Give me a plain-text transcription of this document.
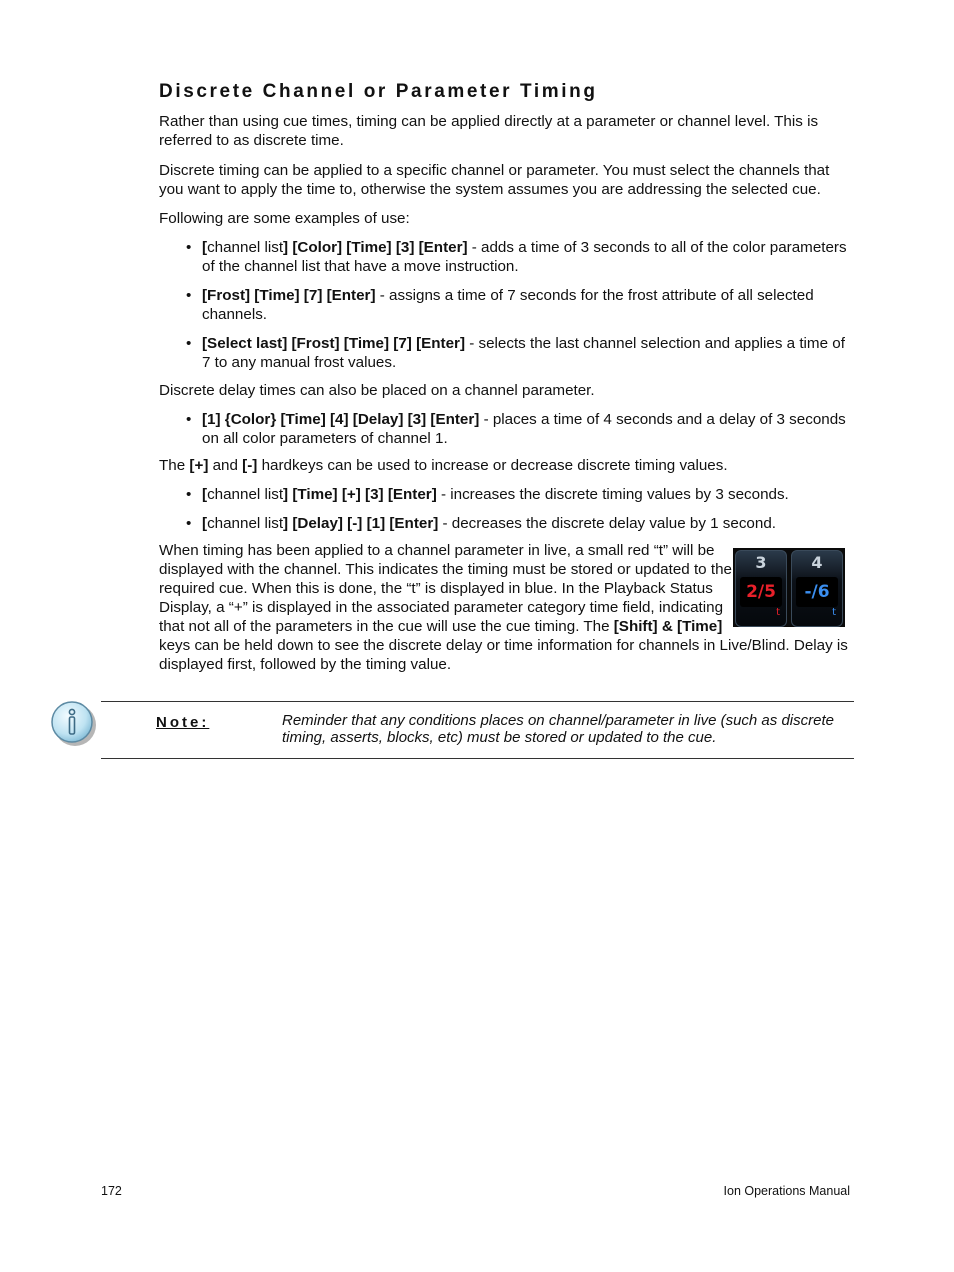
Discrete Channel or Parameter Timing

Rather than using cue times, timing can be applied directly at a parameter or channel level. This is referred to as discrete time.

Discrete timing can be applied to a specific channel or parameter. You must select the channels that you want to apply the time to, otherwise the system assumes you are addressing the selected cue.

Following are some examples of use:

• [channel list] [Color] [Time] [3] [Enter] - adds a time of 3 seconds to all of the color parameters of the channel list that have a move instruction.
• [Frost] [Time] [7] [Enter] - assigns a time of 7 seconds for the frost attribute of all selected channels.
• [Select last] [Frost] [Time] [7] [Enter] - selects the last channel selection and applies a time of 7 to any manual frost values.

Discrete delay times can also be placed on a channel parameter.

• [1] {Color} [Time] [4] [Delay] [3] [Enter] - places a time of 4 seconds and a delay of 3 seconds on all color parameters of channel 1.

The [+] and [-] hardkeys can be used to increase or decrease discrete timing values.

• [channel list] [Time] [+] [3] [Enter] - increases the discrete timing values by 3 seconds.
• [channel list] [Delay] [-] [1] [Enter] - decreases the discrete delay value by 1 second.
When timing has been applied to a channel parameter in live, a small red “t” will be displayed with the channel. This indicates the timing must be stored or updated to the required cue. When this is done, the “t” is displayed in blue. In the Playback Status Display, a “+” is displayed in the associated parameter category time field, indicating that not all of the parameters in the cue will use the cue timing. The [Shift] & [Time] keys can be held down to see the discrete delay or time information for channels in Live/Blind. Delay is displayed first, followed by the timing value.
3
2/5
t
4
-/6
t
Note:	Reminder that any conditions places on channel/parameter in live (such as discrete timing, asserts, blocks, etc) must be stored or updated to the cue.
172	Ion Operations Manual
